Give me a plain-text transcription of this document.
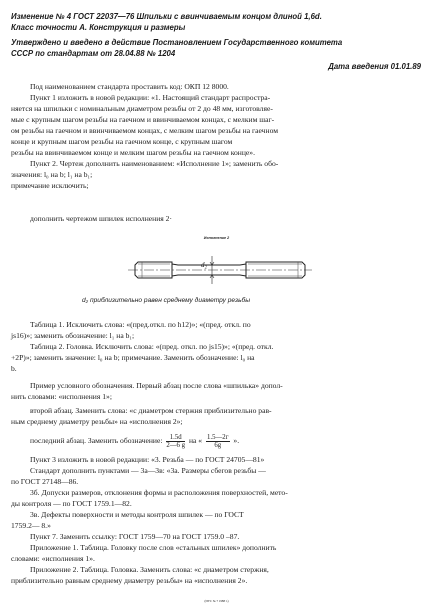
Изменение № 4 ГОСТ 22037—76 Шпильки с ввинчиваемым концом длиной 1,6d.
Класс точности А. Конструкция и размеры
Утверждено и введено в действие Постановлением Государственного комитета
СССР по стандартам от 28.04.88 № 1204
Дата введения 01.01.89
Под наименованием стандарта проставить код: ОКП 12 8000.
Пункт 1 изложить в новой редакции: «1. Настоящий стандарт распростра-
няется на шпильки с номинальным диаметром резьбы от 2 до 48 мм, изготовляе-
мые с крупным шагом резьбы на гаечном и ввинчиваемом концах, с мелким шаг-
ом резьбы на гаечном и ввинчиваемом концах, с мелким шагом резьбы на гаечном
конце и крупным шагом резьбы на гаечном конце, с крупным шагом
резьбы на ввинчиваемом конце и мелким шагом резьбы на гаечном конце».
Пункт 2. Чертеж дополнить наименованием: «Исполнение 1»; заменить обо-
значения: l₀ на b; l₁ на b₁;
примечание исключить;
дополнить чертежом шпилек исполнения 2·
Исполнение 2
d₂
d₂ приблизительно равен среднему диаметру резьбы
Таблица 1. Исключить слова: «(пред.откл. по h12)»; «(пред. откл. по
js16)»; заменить обозначение: l₁ на b₁;
Таблица 2. Головка. Исключить слова: «(пред. откл. по js15)»; «(пред. откл.
+2P)»; заменить значение: l₀ на b; примечание. Заменить обозначение: l₀ на
b.
Пример условного обозначения. Первый абзац после слова «шпилька» допол-
нить словами: «исполнения 1»;
второй абзац. Заменить слова: «с диаметром стержня приблизительно рав-
ным среднему диаметру резьбы» на «исполнения 2»;
последний абзац. Заменить обозначение: $\frac{1.5d}{2—6 g}$ на « 1.5—2г
6g
».
Пункт 3 изложить в новой редакции: «3. Резьба — по ГОСТ 24705—81»
Стандарт дополнить пунктами — 3а—3в: «3а. Размеры сбегов резьбы —
по ГОСТ 27148—86.
3б. Допуски размеров, отклонения формы и расположения поверхностей, мето-
ды контроля — по ГОСТ 1759.1—82.
3в. Дефекты поверхности и методы контроля шпилек — по ГОСТ
1759.2— 8.»
Пункт 7. Заменить ссылку: ГОСТ 1759—70 на ГОСТ 1759.0 –87.
Приложение 1. Таблица. Головку после слов «стальных шпилек» дополнить
словами: «исполнения 1».
Приложение 2. Таблица. Головка. Заменить слова: «с диаметром стержня,
приблизительно равным среднему диаметру резьбы» на «исполнения 2».
(ИУС № 7 1988 г.)
